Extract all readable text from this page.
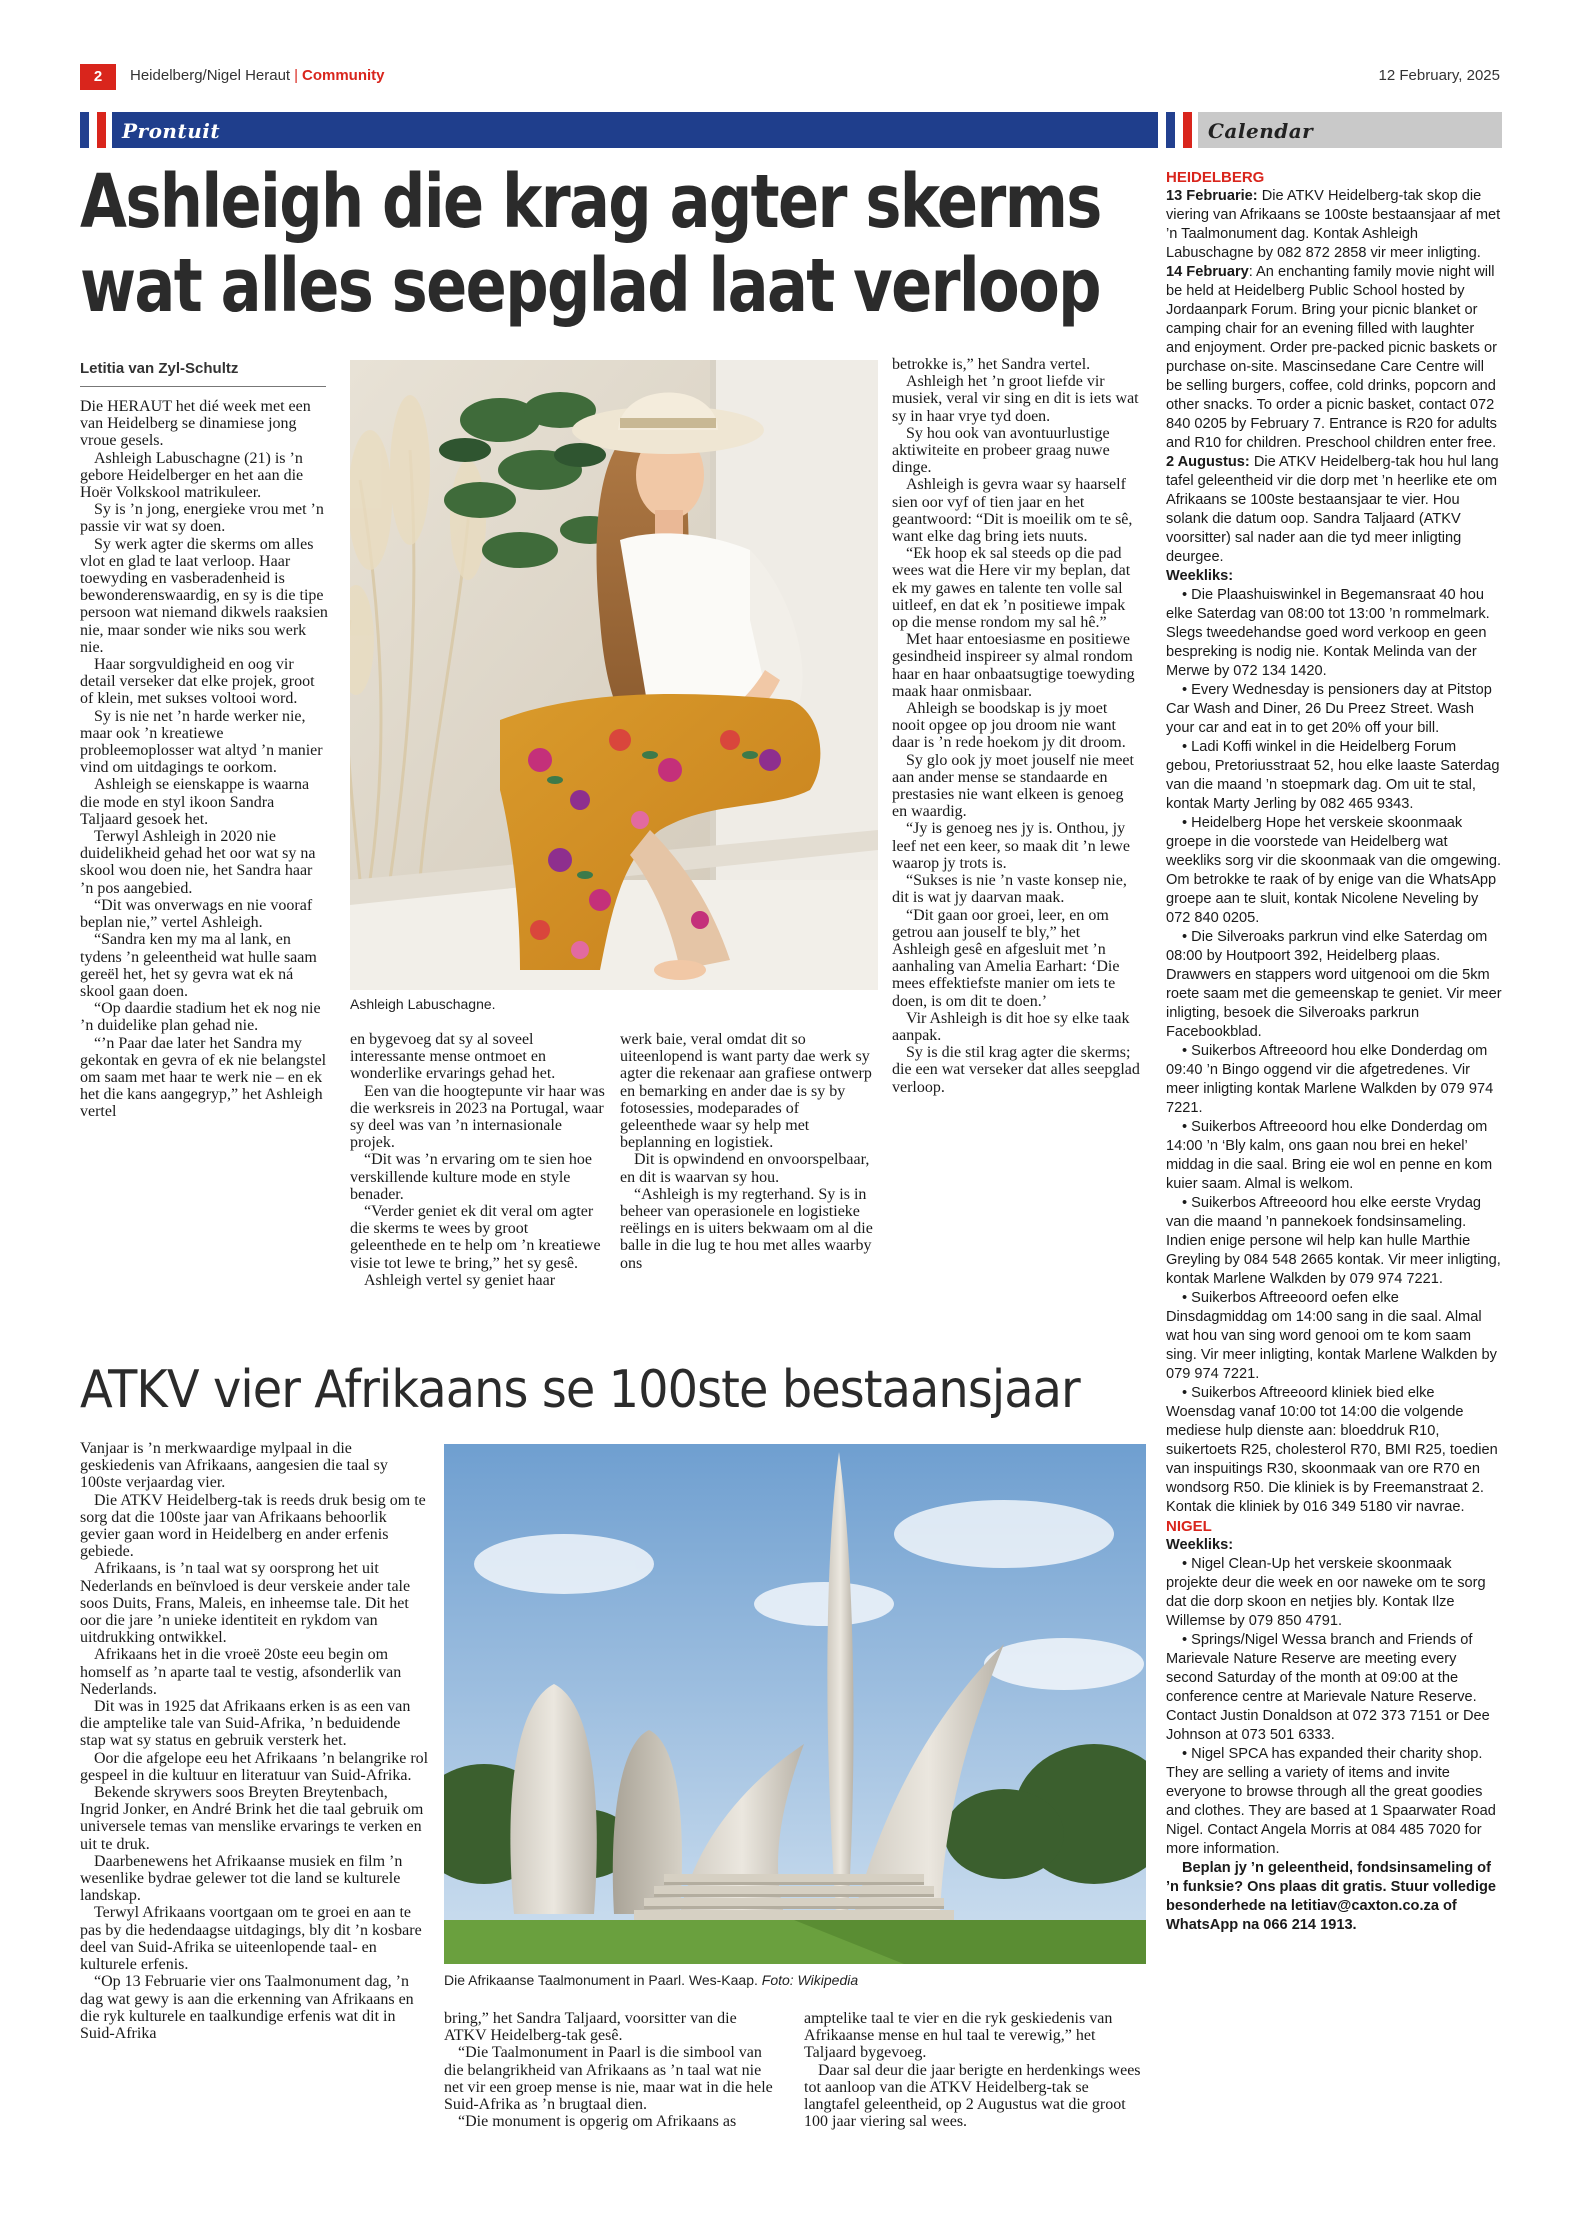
2	Heidelberg/Nigel Heraut | Community	12 February, 2025
Prontuit	Calendar
Ashleigh die krag agter skerms
wat alles seepglad laat verloop
Letitia van Zyl-Schultz

Die HERAUT het dié week met een van Heidelberg se dinamiese jong vroue gesels.

Ashleigh Labuschagne (21) is ’n gebore Heidelberger en het aan die Hoër Volkskool matrikuleer.

Sy is ’n jong, energieke vrou met ’n passie vir wat sy doen.

Sy werk agter die skerms om alles vlot en glad te laat verloop. Haar toewyding en vasberadenheid is bewonderenswaardig, en sy is die tipe persoon wat niemand dikwels raaksien nie, maar sonder wie niks sou werk nie.

Haar sorgvuldigheid en oog vir detail verseker dat elke projek, groot of klein, met sukses voltooi word.

Sy is nie net ’n harde werker nie, maar ook ’n kreatiewe probleemoplosser wat altyd ’n manier vind om uitdagings te oorkom.

Ashleigh se eienskappe is waarna die mode en styl ikoon Sandra Taljaard gesoek het.

Terwyl Ashleigh in 2020 nie duidelikheid gehad het oor wat sy na skool wou doen nie, het Sandra haar ’n pos aangebied.

“Dit was onverwags en nie vooraf beplan nie,” vertel Ashleigh.

“Sandra ken my ma al lank, en tydens ’n geleentheid wat hulle saam gereël het, het sy gevra wat ek ná skool gaan doen.

“Op daardie stadium het ek nog nie ’n duidelike plan gehad nie.

“’n Paar dae later het Sandra my gekontak en gevra of ek nie belangstel om saam met haar te werk nie – en ek het die kans aangegryp,” het Ashleigh vertel

Ashleigh Labuschagne.

en bygevoeg dat sy al soveel interessante mense ontmoet en wonderlike ervarings gehad het.

Een van die hoogtepunte vir haar was die werksreis in 2023 na Portugal, waar sy deel was van ’n internasionale projek.

“Dit was ’n ervaring om te sien hoe verskillende kulture mode en style benader.

“Verder geniet ek dit veral om agter die skerms te wees by groot geleenthede en te help om ’n kreatiewe visie tot lewe te bring,” het sy gesê.

Ashleigh vertel sy geniet haar

werk baie, veral omdat dit so uiteenlopend is want party dae werk sy agter die rekenaar aan grafiese ontwerp en bemarking en ander dae is sy by fotosessies, modeparades of geleenthede waar sy help met beplanning en logistiek.

Dit is opwindend en onvoorspelbaar, en dit is waarvan sy hou.

“Ashleigh is my regterhand. Sy is in beheer van operasionele en logistieke reëlings en is uiters bekwaam om al die balle in die lug te hou met alles waarby ons

betrokke is,” het Sandra vertel.

Ashleigh het ’n groot liefde vir musiek, veral vir sing en dit is iets wat sy in haar vrye tyd doen.

Sy hou ook van avontuurlustige aktiwiteite en probeer graag nuwe dinge.

Ashleigh is gevra waar sy haarself sien oor vyf of tien jaar en het geantwoord: “Dit is moeilik om te sê, want elke dag bring iets nuuts.

“Ek hoop ek sal steeds op die pad wees wat die Here vir my beplan, dat ek my gawes en talente ten volle sal uitleef, en dat ek ’n positiewe impak op die mense rondom my sal hê.”

Met haar entoesiasme en positiewe gesindheid inspireer sy almal rondom haar en haar onbaatsugtige toewyding maak haar onmisbaar.

Ahleigh se boodskap is jy moet nooit opgee op jou droom nie want daar is ’n rede hoekom jy dit droom.

Sy glo ook jy moet jouself nie meet aan ander mense se standaarde en prestasies nie want elkeen is genoeg en waardig.

“Jy is genoeg nes jy is. Onthou, jy leef net een keer, so maak dit ’n lewe waarop jy trots is.

“Sukses is nie ’n vaste konsep nie, dit is wat jy daarvan maak.

“Dit gaan oor groei, leer, en om getrou aan jouself te bly,” het Ashleigh gesê en afgesluit met ’n aanhaling van Amelia Earhart: ‘Die mees effektiefste manier om iets te doen, is om dit te doen.’

Vir Ashleigh is dit hoe sy elke taak aanpak.

Sy is die stil krag agter die skerms; die een wat verseker dat alles seepglad verloop.

ATKV vier Afrikaans se 100ste bestaansjaar

Vanjaar is ’n merkwaardige mylpaal in die geskiedenis van Afrikaans, aangesien die taal sy 100ste verjaardag vier.

Die ATKV Heidelberg-tak is reeds druk besig om te sorg dat die 100ste jaar van Afrikaans behoorlik gevier gaan word in Heidelberg en ander erfenis gebiede.

Afrikaans, is ’n taal wat sy oorsprong het uit Nederlands en beïnvloed is deur verskeie ander tale soos Duits, Frans, Maleis, en inheemse tale. Dit het oor die jare ’n unieke identiteit en rykdom van uitdrukking ontwikkel.

Afrikaans het in die vroeë 20ste eeu begin om homself as ’n aparte taal te vestig, afsonderlik van Nederlands.

Dit was in 1925 dat Afrikaans erken is as een van die amptelike tale van Suid-Afrika, ’n beduidende stap wat sy status en gebruik versterk het.

Oor die afgelope eeu het Afrikaans ’n belangrike rol gespeel in die kultuur en literatuur van Suid-Afrika.

Bekende skrywers soos Breyten Breytenbach, Ingrid Jonker, en André Brink het die taal gebruik om universele temas van menslike ervarings te verken en uit te druk.

Daarbenewens het Afrikaanse musiek en film ’n wesenlike bydrae gelewer tot die land se kulturele landskap.

Terwyl Afrikaans voortgaan om te groei en aan te pas by die hedendaagse uitdagings, bly dit ’n kosbare deel van Suid-Afrika se uiteenlopende taal- en kulturele erfenis.

“Op 13 Februarie vier ons Taalmonument dag, ’n dag wat gewy is aan die erkenning van Afrikaans en die ryk kulturele en taalkundige erfenis wat dit in Suid-Afrika

Die Afrikaanse Taalmonument in Paarl. Wes-Kaap. Foto: Wikipedia

bring,” het Sandra Taljaard, voorsitter van die ATKV Heidelberg-tak gesê.

“Die Taalmonument in Paarl is die simbool van die belangrikheid van Afrikaans as ’n taal wat nie net vir een groep mense is nie, maar wat in die hele Suid-Afrika as ’n brugtaal dien.

“Die monument is opgerig om Afrikaans as

amptelike taal te vier en die ryk geskiedenis van Afrikaanse mense en hul taal te verewig,” het Taljaard bygevoeg.

Daar sal deur die jaar berigte en herdenkings wees tot aanloop van die ATKV Heidelberg-tak se langtafel geleentheid, op 2 Augustus wat die groot 100 jaar viering sal wees.

HEIDELBERG
13 Februarie: Die ATKV Heidelberg-tak skop die viering van Afrikaans se 100ste bestaansjaar af met ’n Taalmonument dag. Kontak Ashleigh Labuschagne by 082 872 2858 vir meer inligting.
14 February: An enchanting family movie night will be held at Heidelberg Public School hosted by Jordaanpark Forum. Bring your picnic blanket or camping chair for an evening filled with laughter and enjoyment. Order pre-packed picnic baskets or purchase on-site. Mascinsedane Care Centre will be selling burgers, coffee, cold drinks, popcorn and other snacks. To order a picnic basket, contact 072 840 0205 by February 7. Entrance is R20 for adults and R10 for children. Preschool children enter free.
2 Augustus: Die ATKV Heidelberg-tak hou hul lang tafel geleentheid vir die dorp met ’n heerlike ete om Afrikaans se 100ste bestaansjaar te vier. Hou solank die datum oop. Sandra Taljaard (ATKV voorsitter) sal nader aan die tyd meer inligting deurgee.
Weekliks:
• Die Plaashuiswinkel in Begemansraat 40 hou elke Saterdag van 08:00 tot 13:00 ’n rommelmark. Slegs tweedehandse goed word verkoop en geen bespreking is nodig nie. Kontak Melinda van der Merwe by 072 134 1420.
• Every Wednesday is pensioners day at Pitstop Car Wash and Diner, 26 Du Preez Street. Wash your car and eat in to get 20% off your bill.
• Ladi Koffi winkel in die Heidelberg Forum gebou, Pretoriusstraat 52, hou elke laaste Saterdag van die maand ’n stoepmark dag. Om uit te stal, kontak Marty Jerling by 082 465 9343.
• Heidelberg Hope het verskeie skoonmaak groepe in die voorstede van Heidelberg wat weekliks sorg vir die skoonmaak van die omgewing. Om betrokke te raak of by enige van die WhatsApp groepe aan te sluit, kontak Nicolene Neveling by 072 840 0205.
• Die Silveroaks parkrun vind elke Saterdag om 08:00 by Houtpoort 392, Heidelberg plaas. Drawwers en stappers word uitgenooi om die 5km roete saam met die gemeenskap te geniet. Vir meer inligting, besoek die Silveroaks parkrun Facebookblad.
• Suikerbos Aftreeoord hou elke Donderdag om 09:40 ’n Bingo oggend vir die afgetredenes. Vir meer inligting kontak Marlene Walkden by 079 974 7221.
• Suikerbos Aftreeoord hou elke Donderdag om 14:00 ’n ‘Bly kalm, ons gaan nou brei en hekel’ middag in die saal. Bring eie wol en penne en kom kuier saam. Almal is welkom.
• Suikerbos Aftreeoord hou elke eerste Vrydag van die maand ’n pannekoek fondsinsameling. Indien enige persone wil help kan hulle Marthie Greyling by 084 548 2665 kontak. Vir meer inligting, kontak Marlene Walkden by 079 974 7221.
• Suikerbos Aftreeoord oefen elke Dinsdagmiddag om 14:00 sang in die saal. Almal wat hou van sing word genooi om te kom saam sing. Vir meer inligting, kontak Marlene Walkden by 079 974 7221.
• Suikerbos Aftreeoord kliniek bied elke Woensdag vanaf 10:00 tot 14:00 die volgende mediese hulp dienste aan: bloeddruk R10, suikertoets R25, cholesterol R70, BMI R25, toedien van inspuitings R30, skoonmaak van ore R70 en wondsorg R50. Die kliniek is by Freemanstraat 2. Kontak die kliniek by 016 349 5180 vir navrae.
NIGEL
Weekliks:
• Nigel Clean-Up het verskeie skoonmaak projekte deur die week en oor naweke om te sorg dat die dorp skoon en netjies bly. Kontak Ilze Willemse by 079 850 4791.
• Springs/Nigel Wessa branch and Friends of Marievale Nature Reserve are meeting every second Saturday of the month at 09:00 at the conference centre at Marievale Nature Reserve. Contact Justin Donaldson at 072 373 7151 or Dee Johnson at 073 501 6333.
• Nigel SPCA has expanded their charity shop. They are selling a variety of items and invite everyone to browse through all the great goodies and clothes. They are based at 1 Spaarwater Road Nigel. Contact Angela Morris at 084 485 7020 for more information.
Beplan jy ’n geleentheid, fondsinsameling of ’n funksie? Ons plaas dit gratis. Stuur volledige besonderhede na letitiav@caxton.co.za of WhatsApp na 066 214 1913.
